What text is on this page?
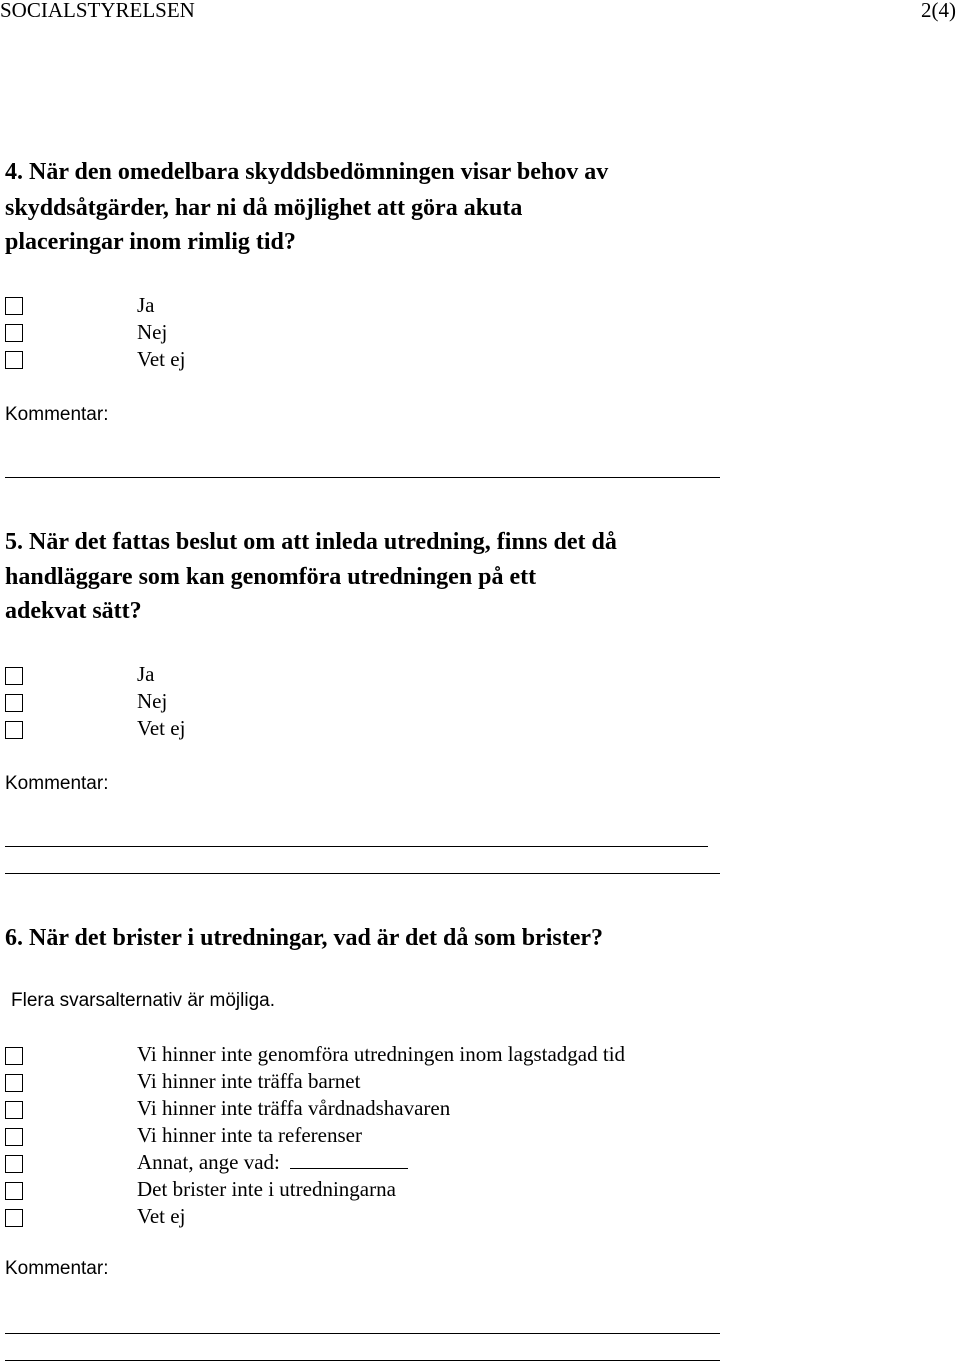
SOCIALSTYRELSEN	2(4)
4. När den omedelbara skyddsbedömningen visar behov av
skyddsåtgärder, har ni då möjlighet att göra akuta
placeringar inom rimlig tid?
Ja
Nej
Vet ej
Kommentar:
5. När det fattas beslut om att inleda utredning, finns det då
handläggare som kan genomföra utredningen på ett
adekvat sätt?
Ja
Nej
Vet ej
Kommentar:
6. När det brister i utredningar, vad är det då som brister?
Flera svarsalternativ är möjliga.
Vi hinner inte genomföra utredningen inom lagstadgad tid
Vi hinner inte träffa barnet
Vi hinner inte träffa vårdnadshavaren
Vi hinner inte ta referenser
Annat, ange vad:
Det brister inte i utredningarna
Vet ej
Kommentar:
